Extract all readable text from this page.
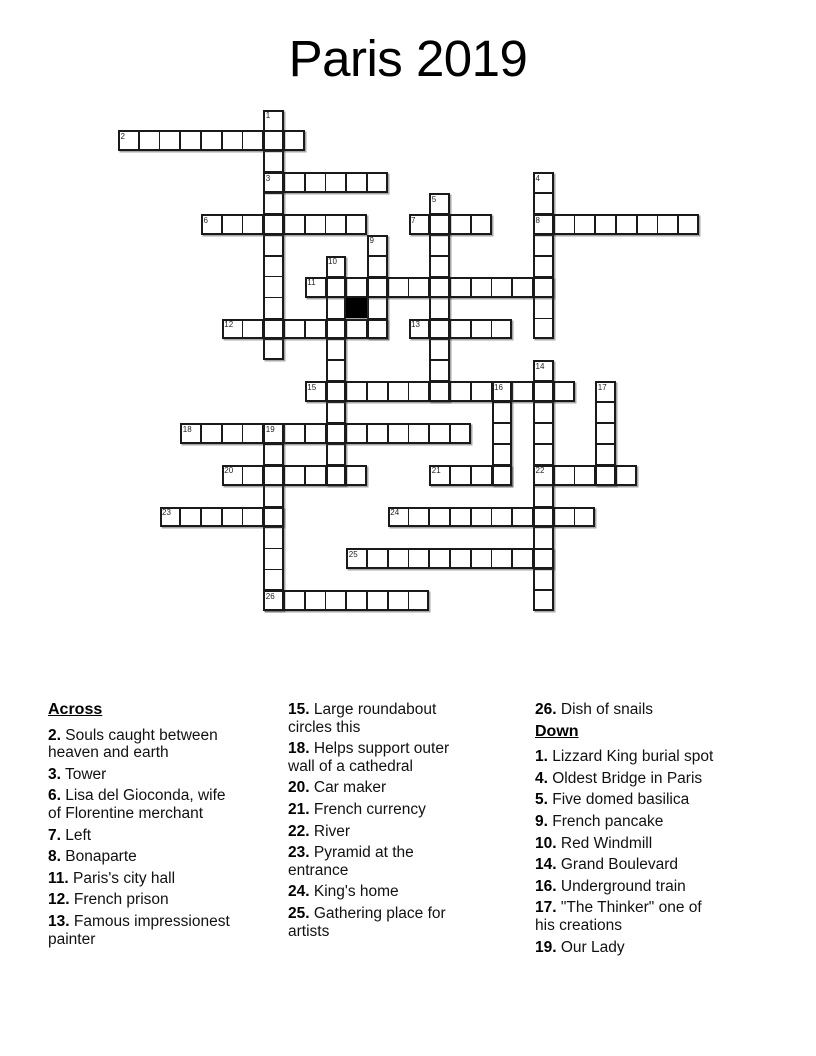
Paris 2019
1
2
3	4
5
6	7	8
9
10
11
12	13
14
15	16	17
18	19
20	21	22
23	24
25
26
Across
2. Souls caught between heaven and earth
3. Tower
6. Lisa del Gioconda, wife of Florentine merchant
7. Left
8. Bonaparte
11. Paris's city hall
12. French prison
13. Famous impressionest painter
15. Large roundabout circles this
18. Helps support outer wall of a cathedral
20. Car maker
21. French currency
22. River
23. Pyramid at the entrance
24. King's home
25. Gathering place for artists
26. Dish of snails
Down
1. Lizzard King burial spot
4. Oldest Bridge in Paris
5. Five domed basilica
9. French pancake
10. Red Windmill
14. Grand Boulevard
16. Underground train
17. "The Thinker" one of his creations
19. Our Lady
